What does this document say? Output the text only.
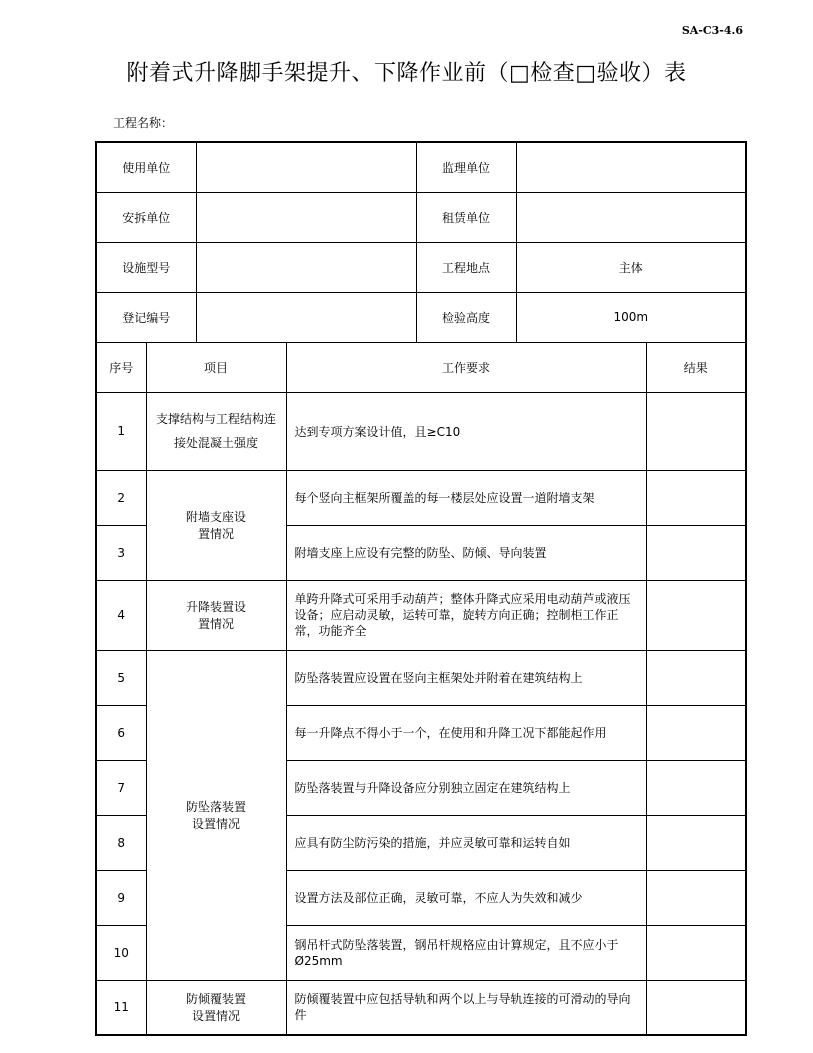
SA-C3-4.6
附着式升降脚手架提升、下降作业前（□检查□验收）表
工程名称：
使用单位				监理单位		
安拆单位				租赁单位		
设施型号				工程地点	主体	
登记编号				检验高度	100m	
序号	项目		工作要求			结果
1	支撑结构与工程结构连接处混凝土强度		达到专项方案设计值，且≥C10			
2	附墙支座设置情况		每个竖向主框架所覆盖的每一楼层处应设置一道附墙支架			
3			附墙支座上应设有完整的防坠、防倾、导向装置			
4	升降装置设置情况		单跨升降式可采用手动葫芦；整体升降式应采用电动葫芦或液压设备；应启动灵敏，运转可靠，旋转方向正确；控制柜工作正常，功能齐全			
5	防坠落装置设置情况		防坠落装置应设置在竖向主框架处并附着在建筑结构上			
6			每一升降点不得小于一个，在使用和升降工况下都能起作用			
7			防坠落装置与升降设备应分别独立固定在建筑结构上			
8			应具有防尘防污染的措施，并应灵敏可靠和运转自如			
9			设置方法及部位正确，灵敏可靠，不应人为失效和减少			
10			钢吊杆式防坠落装置，钢吊杆规格应由计算规定，且不应小于Ø25mm			
11	防倾覆装置设置情况		防倾覆装置中应包括导轨和两个以上与导轨连接的可滑动的导向件			
